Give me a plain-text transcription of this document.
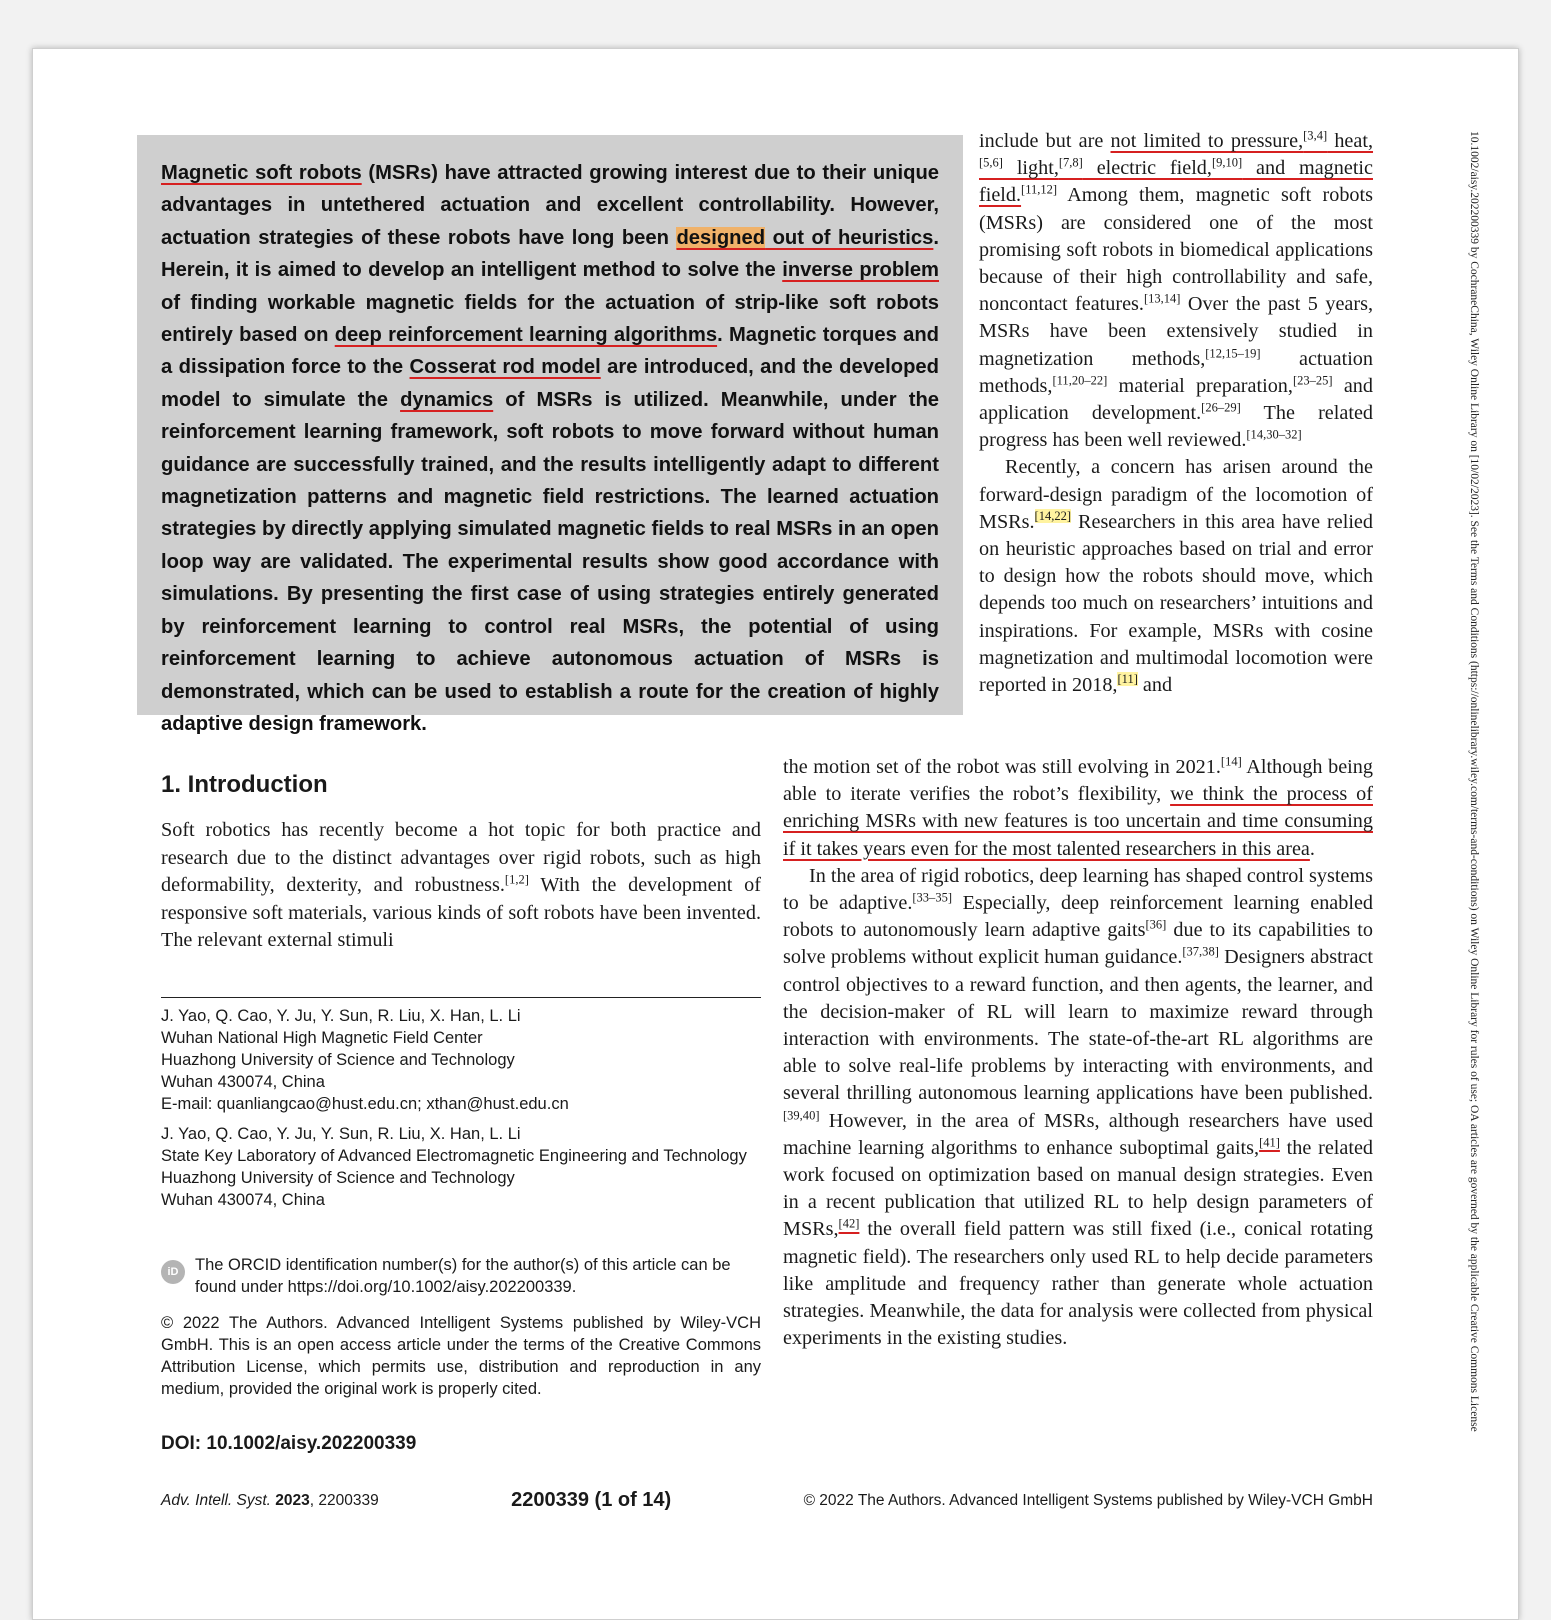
Magnetic soft robots (MSRs) have attracted growing interest due to their unique advantages in untethered actuation and excellent controllability. However, actuation strategies of these robots have long been designed out of heuristics. Herein, it is aimed to develop an intelligent method to solve the inverse problem of finding workable magnetic fields for the actuation of strip-like soft robots entirely based on deep reinforcement learning algorithms. Magnetic torques and a dissipation force to the Cosserat rod model are introduced, and the developed model to simulate the dynamics of MSRs is utilized. Meanwhile, under the reinforcement learning framework, soft robots to move forward without human guidance are successfully trained, and the results intelligently adapt to different magnetization patterns and magnetic field restrictions. The learned actuation strategies by directly applying simulated magnetic fields to real MSRs in an open loop way are validated. The experimental results show good accordance with simulations. By presenting the first case of using strategies entirely generated by reinforcement learning to control real MSRs, the potential of using reinforcement learning to achieve autonomous actuation of MSRs is demonstrated, which can be used to establish a route for the creation of highly adaptive design framework.
1. Introduction
Soft robotics has recently become a hot topic for both practice and research due to the distinct advantages over rigid robots, such as high deformability, dexterity, and robustness.[1,2] With the development of responsive soft materials, various kinds of soft robots have been invented. The relevant external stimuli
J. Yao, Q. Cao, Y. Ju, Y. Sun, R. Liu, X. Han, L. Li
Wuhan National High Magnetic Field Center
Huazhong University of Science and Technology
Wuhan 430074, China
E-mail: quanliangcao@hust.edu.cn; xthan@hust.edu.cn
J. Yao, Q. Cao, Y. Ju, Y. Sun, R. Liu, X. Han, L. Li
State Key Laboratory of Advanced Electromagnetic Engineering and Technology
Huazhong University of Science and Technology
Wuhan 430074, China
iD	The ORCID identification number(s) for the author(s) of this article can be found under https://doi.org/10.1002/aisy.202200339.
© 2022 The Authors. Advanced Intelligent Systems published by Wiley-VCH GmbH. This is an open access article under the terms of the Creative Commons Attribution License, which permits use, distribution and reproduction in any medium, provided the original work is properly cited.
DOI: 10.1002/aisy.202200339

include but are not limited to pressure,[3,4] heat,[5,6] light,[7,8] electric field,[9,10] and magnetic field.[11,12] Among them, magnetic soft robots (MSRs) are considered one of the most promising soft robots in biomedical applications because of their high controllability and safe, noncontact features.[13,14] Over the past 5 years, MSRs have been extensively studied in magnetization methods,[12,15–19] actuation methods,[11,20–22] material preparation,[23–25] and application development.[26–29] The related progress has been well reviewed.[14,30–32]

Recently, a concern has arisen around the forward-design paradigm of the locomotion of MSRs.[14,22] Researchers in this area have relied on heuristic approaches based on trial and error to design how the robots should move, which depends too much on researchers’ intuitions and inspirations. For example, MSRs with cosine magnetization and multimodal locomotion were reported in 2018,[11] and

the motion set of the robot was still evolving in 2021.[14] Although being able to iterate verifies the robot’s flexibility, we think the process of enriching MSRs with new features is too uncertain and time consuming if it takes years even for the most talented researchers in this area.

In the area of rigid robotics, deep learning has shaped control systems to be adaptive.[33–35] Especially, deep reinforcement learning enabled robots to autonomously learn adaptive gaits[36] due to its capabilities to solve problems without explicit human guidance.[37,38] Designers abstract control objectives to a reward function, and then agents, the learner, and the decision-maker of RL will learn to maximize reward through interaction with environments. The state-of-the-art RL algorithms are able to solve real-life problems by interacting with environments, and several thrilling autonomous learning applications have been published.[39,40] However, in the area of MSRs, although researchers have used machine learning algorithms to enhance suboptimal gaits,[41] the related work focused on optimization based on manual design strategies. Even in a recent publication that utilized RL to help design parameters of MSRs,[42] the overall field pattern was still fixed (i.e., conical rotating magnetic field). The researchers only used RL to help decide parameters like amplitude and frequency rather than generate whole actuation strategies. Meanwhile, the data for analysis were collected from physical experiments in the existing studies.

Adv. Intell. Syst. 2023, 2200339	2200339 (1 of 14)	© 2022 The Authors. Advanced Intelligent Systems published by Wiley-VCH GmbH
10.1002/aisy.202200339 by CochraneChina, Wiley Online Library on [10/02/2023]. See the Terms and Conditions (https://onlinelibrary.wiley.com/terms-and-conditions) on Wiley Online Library for rules of use; OA articles are governed by the applicable Creative Commons License
